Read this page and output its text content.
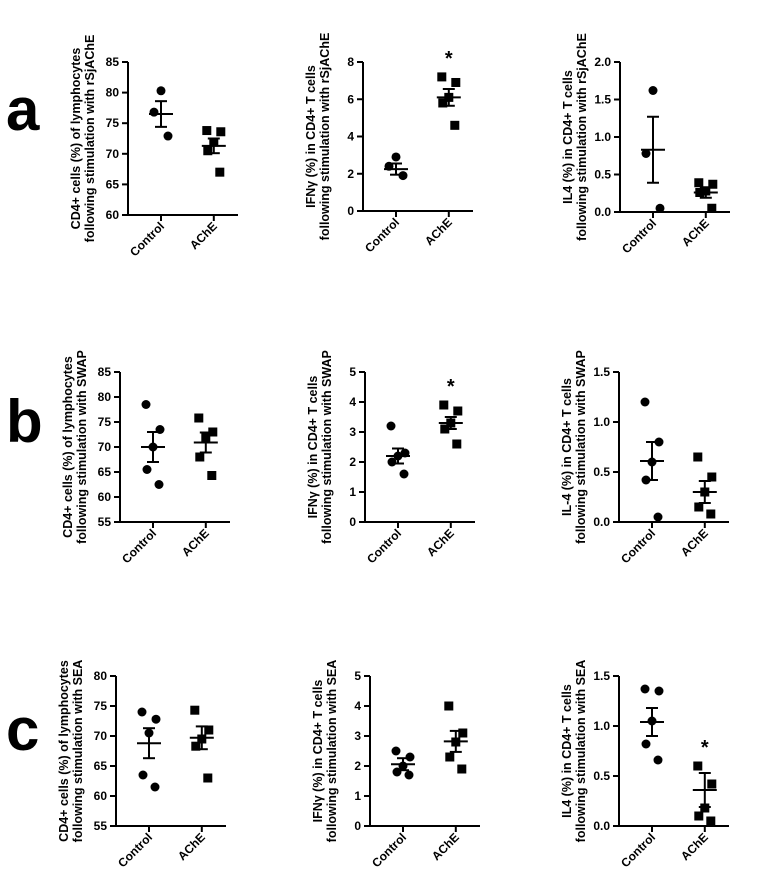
a
b
c
60
65
70
75
80
85
Control AChE
CD4+ cells (%) of lymphocytes following stimulation with rSjAChE	0
2
4
6
8
Control AChE
IFNγ (%) in CD4+ T cells following stimulation with rSjAChE	*
0.0
0.5
1.0
1.5
2.0
Control AChE
IL4 (%) in CD4+ T cells following stimulation with rSjAChE
55
60
65
70
75
80
85
Control AChE
CD4+ cells (%) of lymphocytes following stimulation with SWAP	0
1
2
3
4
5
Control AChE
IFNγ (%) in CD4+ T cells following stimulation with SWAP	*
0.0
0.5
1.0
1.5
Control AChE
IL-4 (%) in CD4+ T cells following stimulation with SWAP
55
60
65
70
75
80
Control AChE
CD4+ cells (%) of lymphocytes following stimulation with SEA	0
1
2
3
4
5
Control AChE
IFNγ (%) in CD4+ T cells following stimulation with SEA	0.0
0.5
1.0
1.5
Control AChE
IL4 (%) in CD4+ T cells following stimulation with SEA	*
